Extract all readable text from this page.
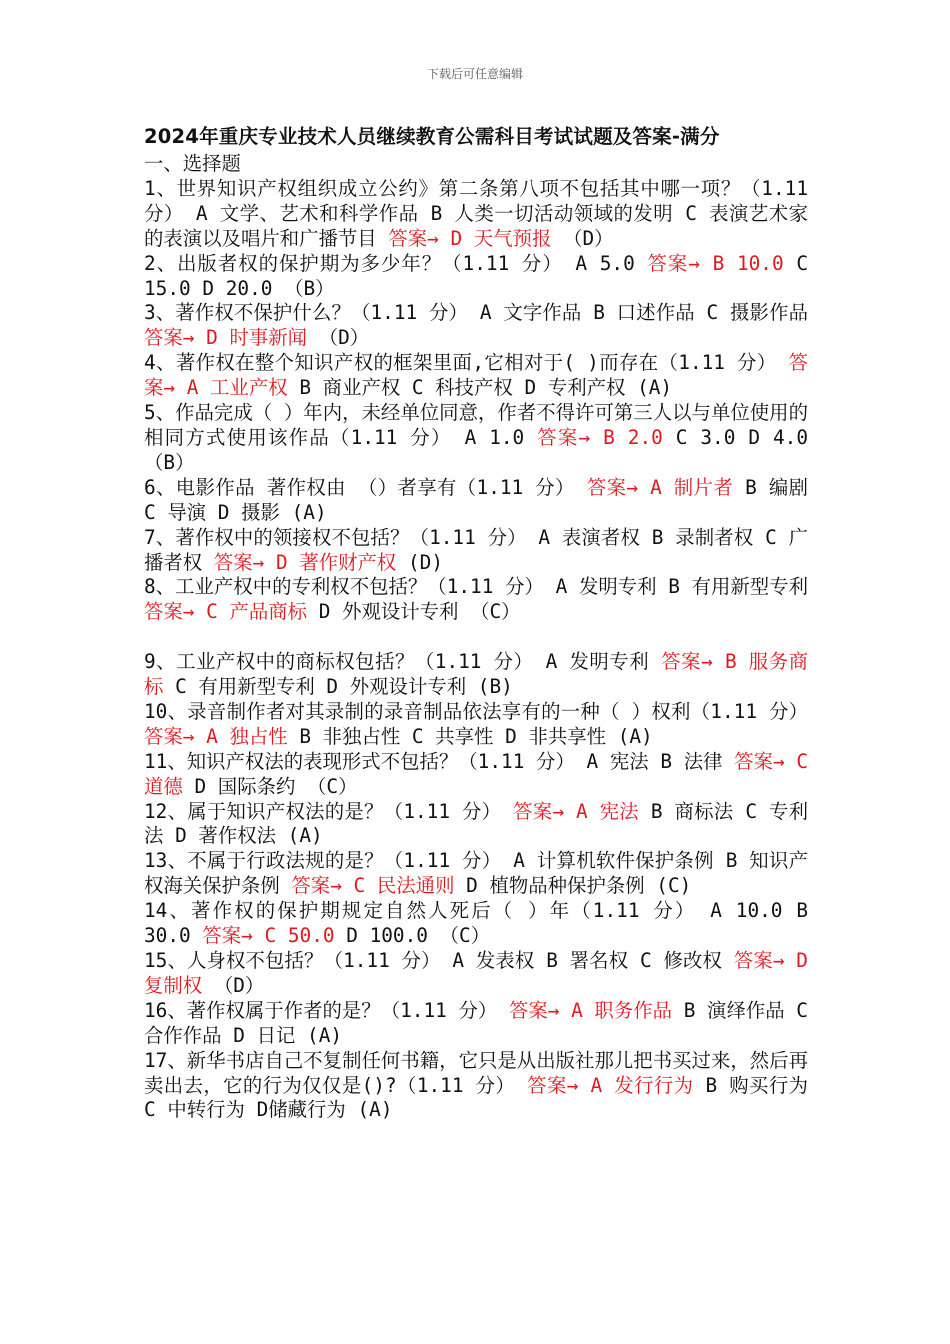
下载后可任意编辑
2024年重庆专业技术人员继续教育公需科目考试试题及答案-满分
一、选择题
1、世界知识产权组织成立公约》第二条第八项不包括其中哪一项？（1.11 分） A 文学、艺术和科学作品 B 人类一切活动领域的发明 C 表演艺术家的表演以及唱片和广播节目 答案→ D 天气预报 （D）
2、出版者权的保护期为多少年？（1.11 分） A 5.0 答案→ B 10.0 C 15.0 D 20.0 （B）
3、著作权不保护什么？（1.11 分） A 文字作品 B 口述作品 C 摄影作品 答案→ D 时事新闻 （D）
4、著作权在整个知识产权的框架里面,它相对于( )而存在（1.11 分） 答案→ A 工业产权 B 商业产权 C 科技产权 D 专利产权 (A)
5、作品完成（ ）年内，未经单位同意，作者不得许可第三人以与单位使用的相同方式使用该作品（1.11 分） A 1.0 答案→ B 2.0 C 3.0 D 4.0 （B）
6、电影作品 著作权由 （）者享有（1.11 分） 答案→ A 制片者 B 编剧 C 导演 D 摄影 (A)
7、著作权中的领接权不包括？（1.11 分） A 表演者权 B 录制者权 C 广播者权 答案→ D 著作财产权 (D)
8、工业产权中的专利权不包括？（1.11 分） A 发明专利 B 有用新型专利 答案→ C 产品商标 D 外观设计专利 （C）
9、工业产权中的商标权包括？（1.11 分） A 发明专利 答案→ B 服务商标 C 有用新型专利 D 外观设计专利 (B)
10、录音制作者对其录制的录音制品依法享有的一种（ ）权利（1.11 分） 答案→ A 独占性 B 非独占性 C 共享性 D 非共享性 (A)
11、知识产权法的表现形式不包括？（1.11 分） A 宪法 B 法律 答案→ C 道德 D 国际条约 （C）
12、属于知识产权法的是？（1.11 分） 答案→ A 宪法 B 商标法 C 专利法 D 著作权法 (A)
13、不属于行政法规的是？（1.11 分） A 计算机软件保护条例 B 知识产权海关保护条例 答案→ C 民法通则 D 植物品种保护条例 (C)
14、著作权的保护期规定自然人死后（ ）年（1.11 分） A 10.0 B 30.0 答案→ C 50.0 D 100.0 （C）
15、人身权不包括？（1.11 分） A 发表权 B 署名权 C 修改权 答案→ D 复制权 （D）
16、著作权属于作者的是？（1.11 分） 答案→ A 职务作品 B 演绎作品 C 合作作品 D 日记 (A)
17、新华书店自己不复制任何书籍，它只是从出版社那儿把书买过来，然后再卖出去，它的行为仅仅是()?（1.11 分） 答案→ A 发行行为 B 购买行为 C 中转行为 D储藏行为 (A)
